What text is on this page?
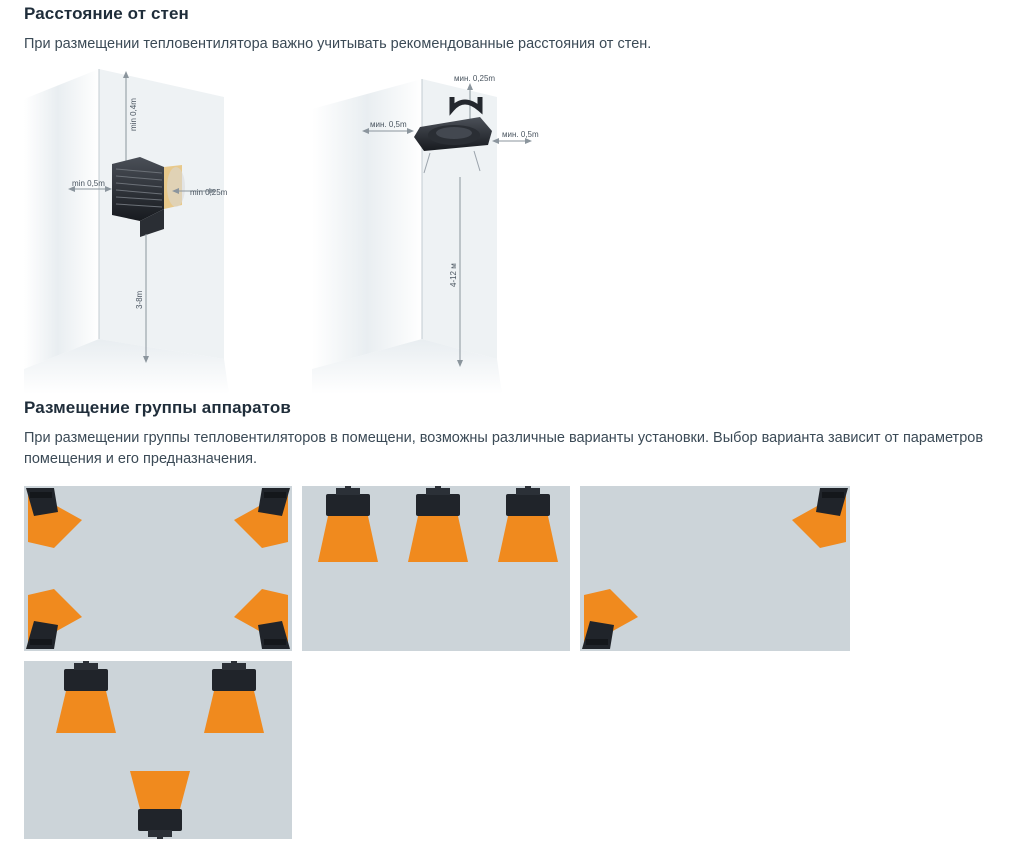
Расстояние от стен

При размещении тепловентилятора важно учитывать рекомендованные расстояния от стен.

min 0,4m
min 0,5m
min 0,25m
3-8m
мин. 0,25m
мин. 0,5m
мин. 0,5m
4-12 м
Размещение группы аппаратов

При размещении группы тепловентиляторов в помещени, возможны различные варианты установки. Выбор варианта зависит от параметров помещения и его предназначения.
